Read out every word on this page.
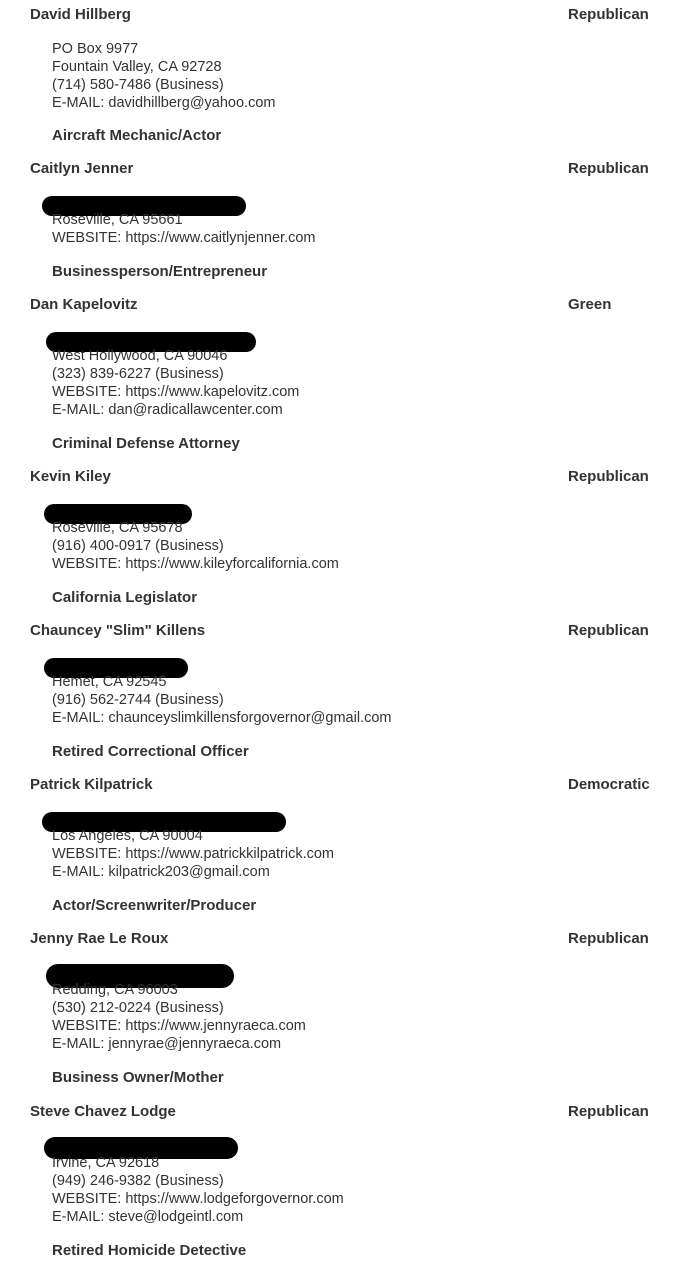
David Hillberg	Republican
PO Box 9977
Fountain Valley, CA 92728
(714) 580-7486 (Business)
E-MAIL: davidhillberg@yahoo.com
Aircraft Mechanic/Actor
Caitlyn Jenner	Republican
Roseville, CA 95661
WEBSITE: https://www.caitlynjenner.com
Businessperson/Entrepreneur
Dan Kapelovitz	Green
West Hollywood, CA 90046
(323) 839-6227 (Business)
WEBSITE: https://www.kapelovitz.com
E-MAIL: dan@radicallawcenter.com
Criminal Defense Attorney
Kevin Kiley	Republican
Roseville, CA 95678
(916) 400-0917 (Business)
WEBSITE: https://www.kileyforcalifornia.com
California Legislator
Chauncey "Slim" Killens	Republican
Hemet, CA 92545
(916) 562-2744 (Business)
E-MAIL: chaunceyslimkillensforgovernor@gmail.com
Retired Correctional Officer
Patrick Kilpatrick	Democratic
Los Angeles, CA 90004
WEBSITE: https://www.patrickkilpatrick.com
E-MAIL: kilpatrick203@gmail.com
Actor/Screenwriter/Producer
Jenny Rae Le Roux	Republican
Redding, CA 96003
(530) 212-0224 (Business)
WEBSITE: https://www.jennyraeca.com
E-MAIL: jennyrae@jennyraeca.com
Business Owner/Mother
Steve Chavez Lodge	Republican
Irvine, CA 92618
(949) 246-9382 (Business)
WEBSITE: https://www.lodgeforgovernor.com
E-MAIL: steve@lodgeintl.com
Retired Homicide Detective
